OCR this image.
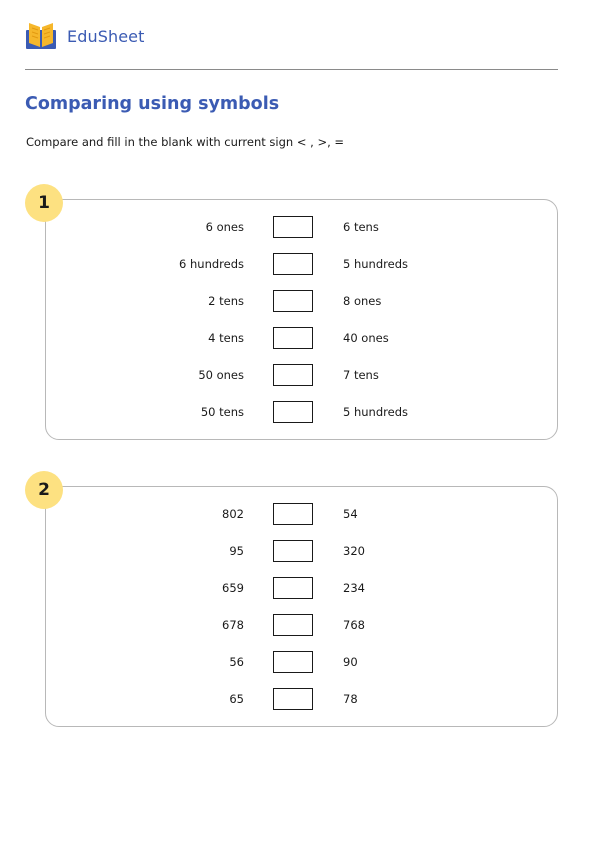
EduSheet
Comparing using symbols

Compare and fill in the blank with current sign < , >, =

6 ones	6 tens
6 hundreds	5 hundreds
2 tens	8 ones
4 tens	40 ones
50 ones	7 tens
50 tens	5 hundreds
1
802	54
95	320
659	234
678	768
56	90
65	78
2
